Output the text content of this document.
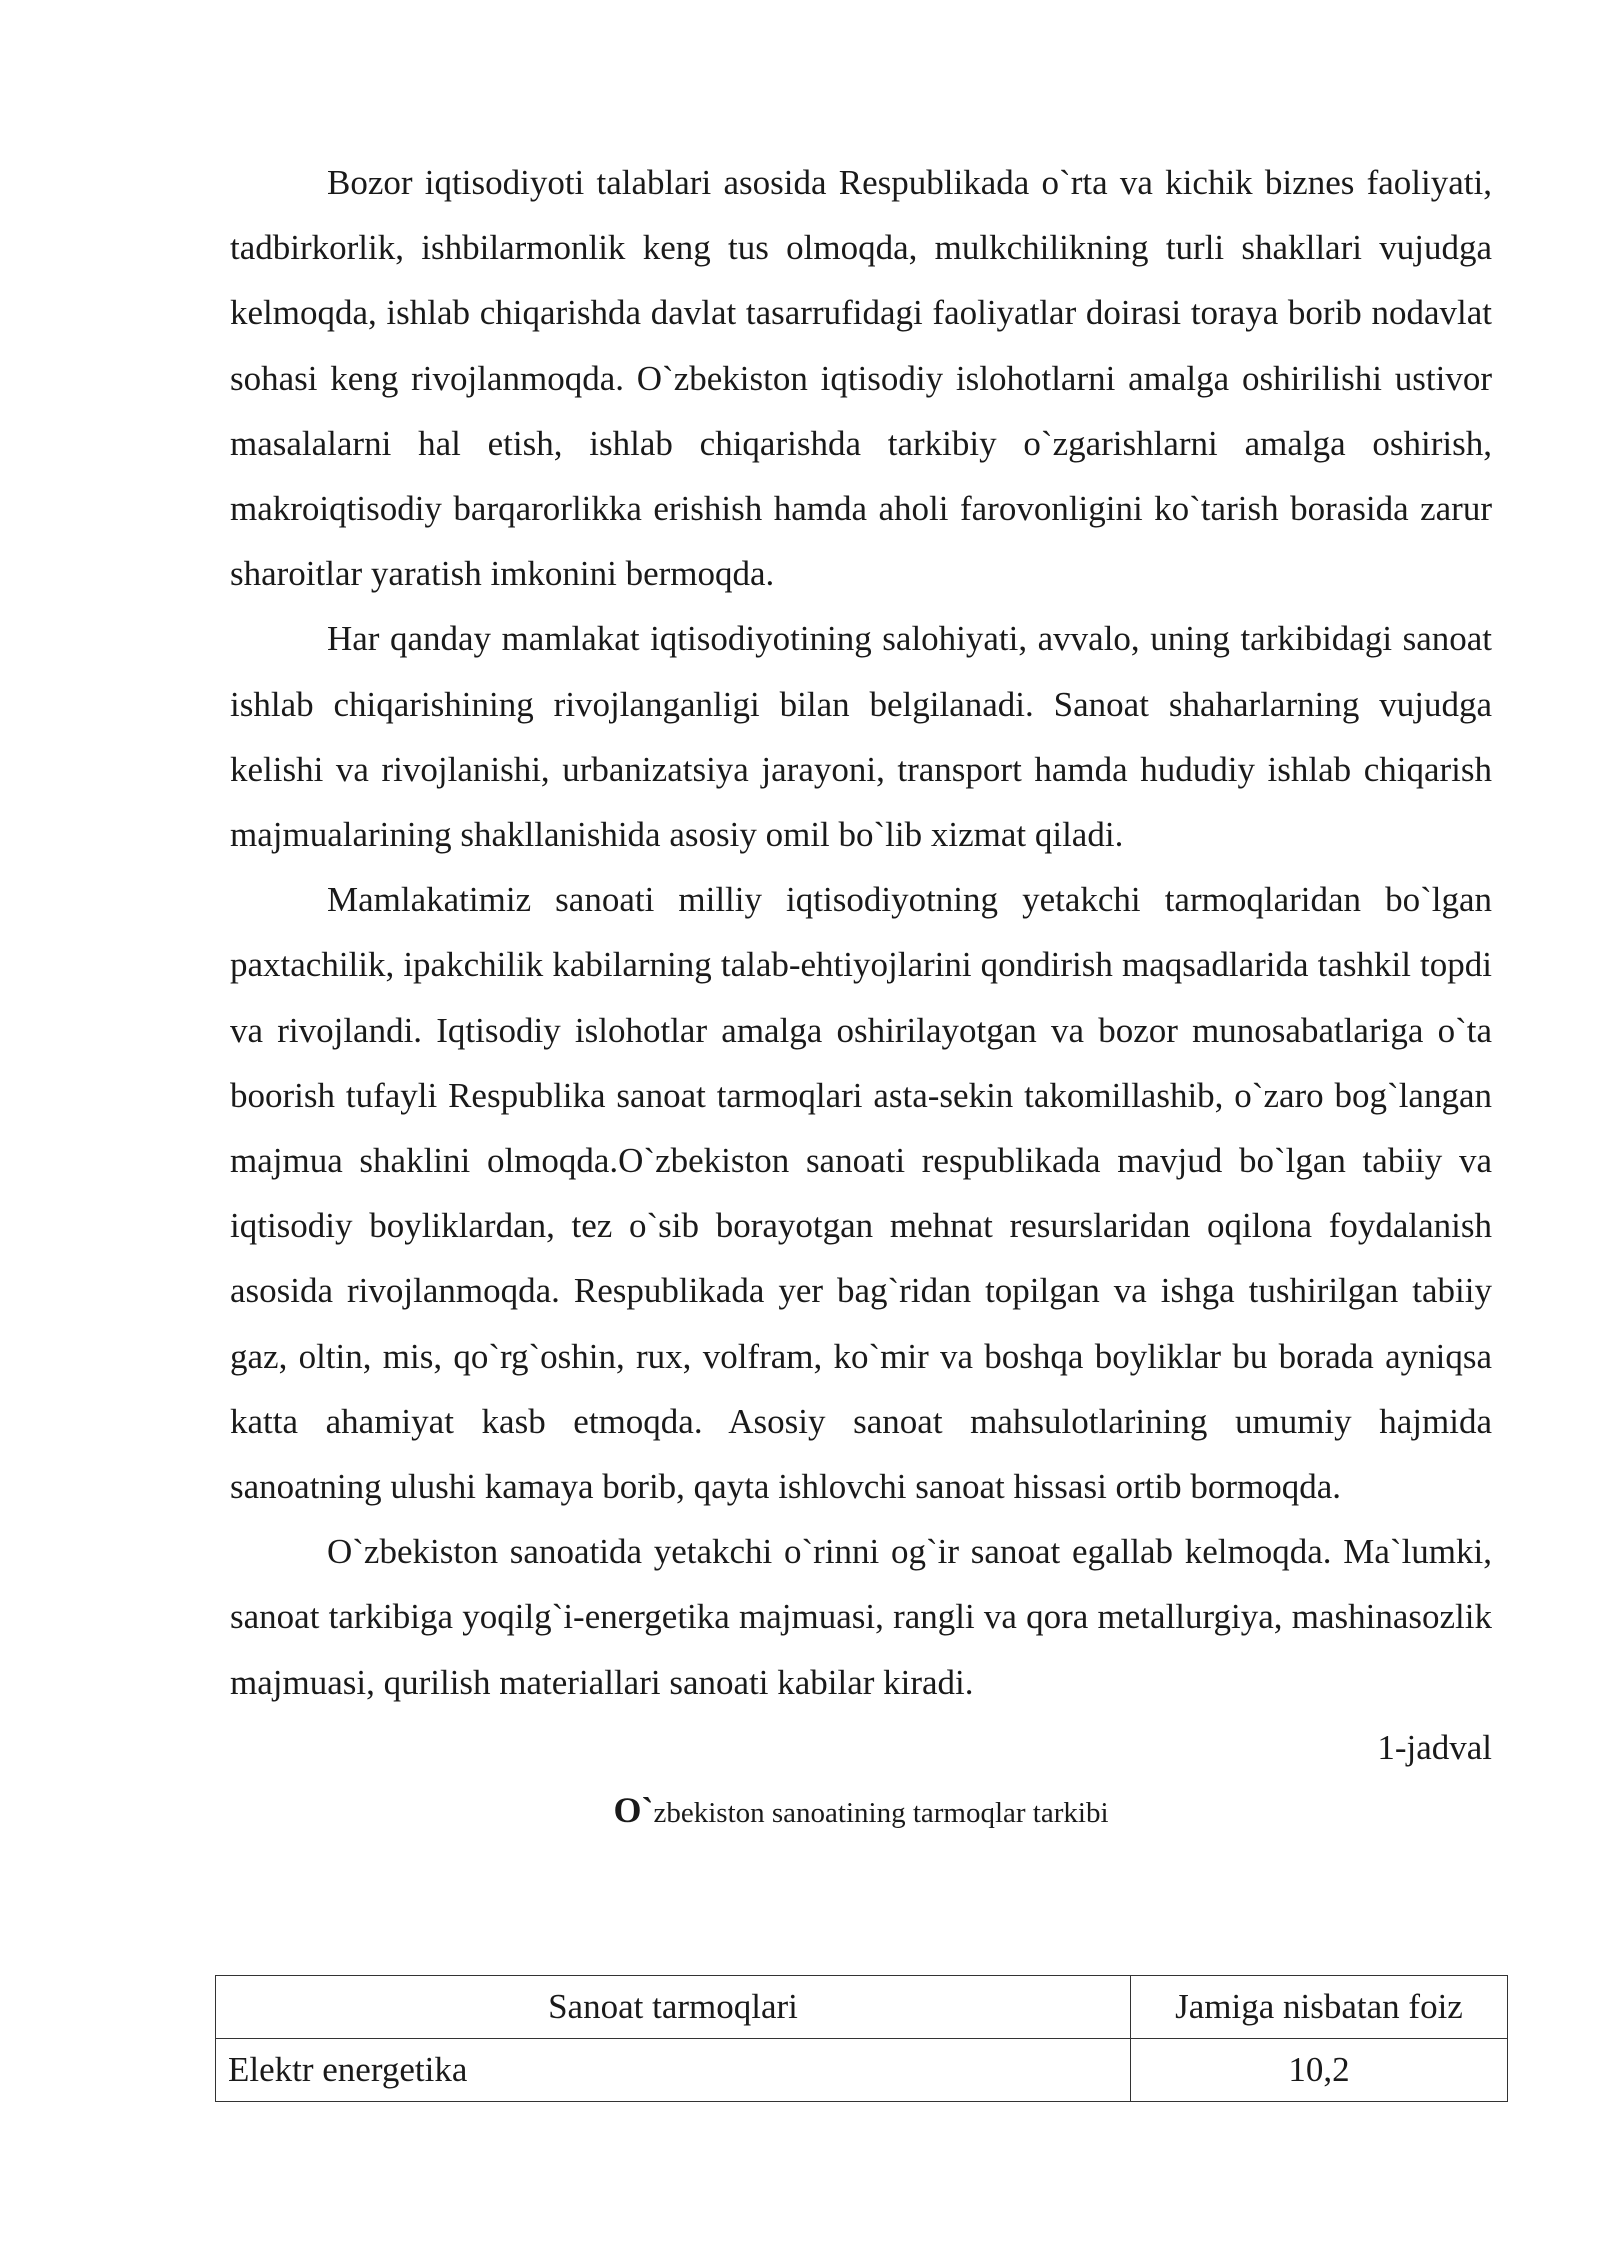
Bozor iqtisodiyoti talablari asosida Respublikada o`rta va kichik biznes faoliyati, tadbirkorlik, ishbilarmonlik keng tus olmoqda, mulkchilikning turli shakllari vujudga kelmoqda, ishlab chiqarishda davlat tasarrufidagi faoliyatlar doirasi toraya borib nodavlat sohasi keng rivojlanmoqda. O`zbekiston iqtisodiy islohotlarni amalga oshirilishi ustivor masalalarni hal etish, ishlab chiqarishda tarkibiy o`zgarishlarni amalga oshirish, makroiqtisodiy barqarorlikka erishish hamda aholi farovonligini ko`tarish borasida zarur sharoitlar yaratish imkonini bermoqda.

Har qanday mamlakat iqtisodiyotining salohiyati, avvalo, uning tarkibidagi sanoat ishlab chiqarishining rivojlanganligi bilan belgilanadi. Sanoat shaharlarning vujudga kelishi va rivojlanishi, urbanizatsiya jarayoni, transport hamda hududiy ishlab chiqarish majmualarining shakllanishida asosiy omil bo`lib xizmat qiladi.

Mamlakatimiz sanoati milliy iqtisodiyotning yetakchi tarmoqlaridan bo`lgan paxtachilik, ipakchilik kabilarning talab-ehtiyojlarini qondirish maqsadlarida tashkil topdi va rivojlandi. Iqtisodiy islohotlar amalga oshirilayotgan va bozor munosabatlariga o`ta boorish tufayli Respublika sanoat tarmoqlari asta-sekin takomillashib, o`zaro bog`langan majmua shaklini olmoqda.O`zbekiston sanoati respublikada mavjud bo`lgan tabiiy va iqtisodiy boyliklardan, tez o`sib borayotgan mehnat resurslaridan oqilona foydalanish asosida rivojlanmoqda. Respublikada yer bag`ridan topilgan va ishga tushirilgan tabiiy gaz, oltin, mis, qo`rg`oshin, rux, volfram, ko`mir va boshqa boyliklar bu borada ayniqsa katta ahamiyat kasb etmoqda. Asosiy sanoat mahsulotlarining umumiy hajmida sanoatning ulushi kamaya borib, qayta ishlovchi sanoat hissasi ortib bormoqda.

O`zbekiston sanoatida yetakchi o`rinni og`ir sanoat egallab kelmoqda. Ma`lumki, sanoat tarkibiga yoqilg`i-energetika majmuasi, rangli va qora metallurgiya, mashinasozlik majmuasi, qurilish materiallari sanoati kabilar kiradi.

1-jadval

O`zbekiston sanoatining tarmoqlar tarkibi

Sanoat tarmoqlari	Jamiga nisbatan foiz
Elektr energetika	10,2
